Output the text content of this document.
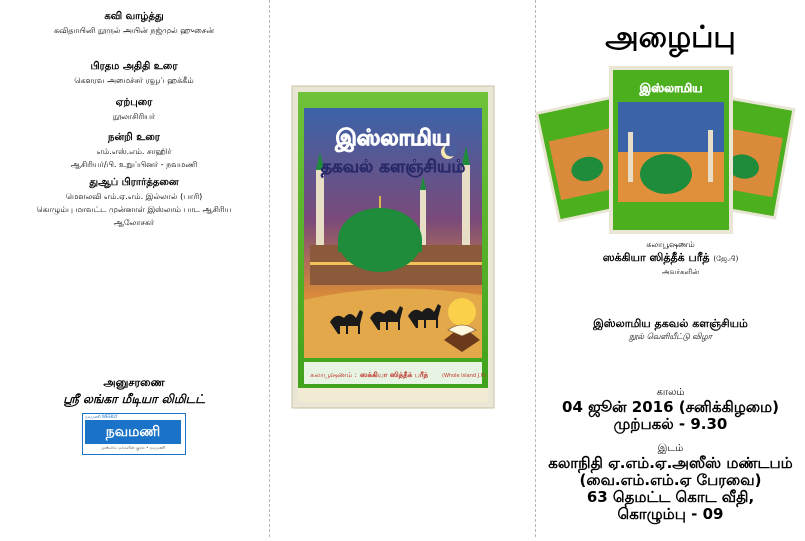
கவி வாழ்த்து
கவிதாயினி நூருல் அயின் நஜ்முல் ஹுசைன்
பிரதம அதிதி உரை
கௌரவ அமைச்சர் ரவூப் ஹக்கீம்
ஏற்புரை
நூலாசிரியர்
நன்றி உரை
எம்.எஸ்.எம். சாஹிர்
ஆசிரியர்/பி. உறுப்பினர் - நவமணி
துஆப் பிரார்த்தனை
மௌலவி எம்.ஏ.எம். இல்லால் (பாரி)
கொழும்பு மாவட்ட முன்னாள் இஸ்லாம் பாட ஆசிரிய
ஆலோசகர்
அனுசரணை
ஸ்ரீ லங்கா மீடியா லிமிடட்
நவமணி WEEKLY
நவமணி
முஸ்லிம் மக்களின் குரல் • நவமணி
இஸ்லாமிய
தகவல் களஞ்சியம்
கலாபூஷணம் : ஸக்கியா ஸித்தீக் பரீத்	(Whole Island J.P)
அழைப்பு
இஸ்லாமிய
கலாபூஷணம்
ஸக்கியா ஸித்தீக் பரீத் (ஜே.பி)
அவர்களின்
இஸ்லாமிய தகவல் களஞ்சியம்
நூல் வெளியீட்டு விழா
காலம்
04 ஜூன் 2016 (சனிக்கிழமை)
முற்பகல் - 9.30
இடம்
கலாநிதி ஏ.எம்.ஏ.அஸீஸ் மண்டபம்
(வை.எம்.எம்.ஏ பேரவை)
63 தெமட்ட கொட வீதி,
கொழும்பு - 09
